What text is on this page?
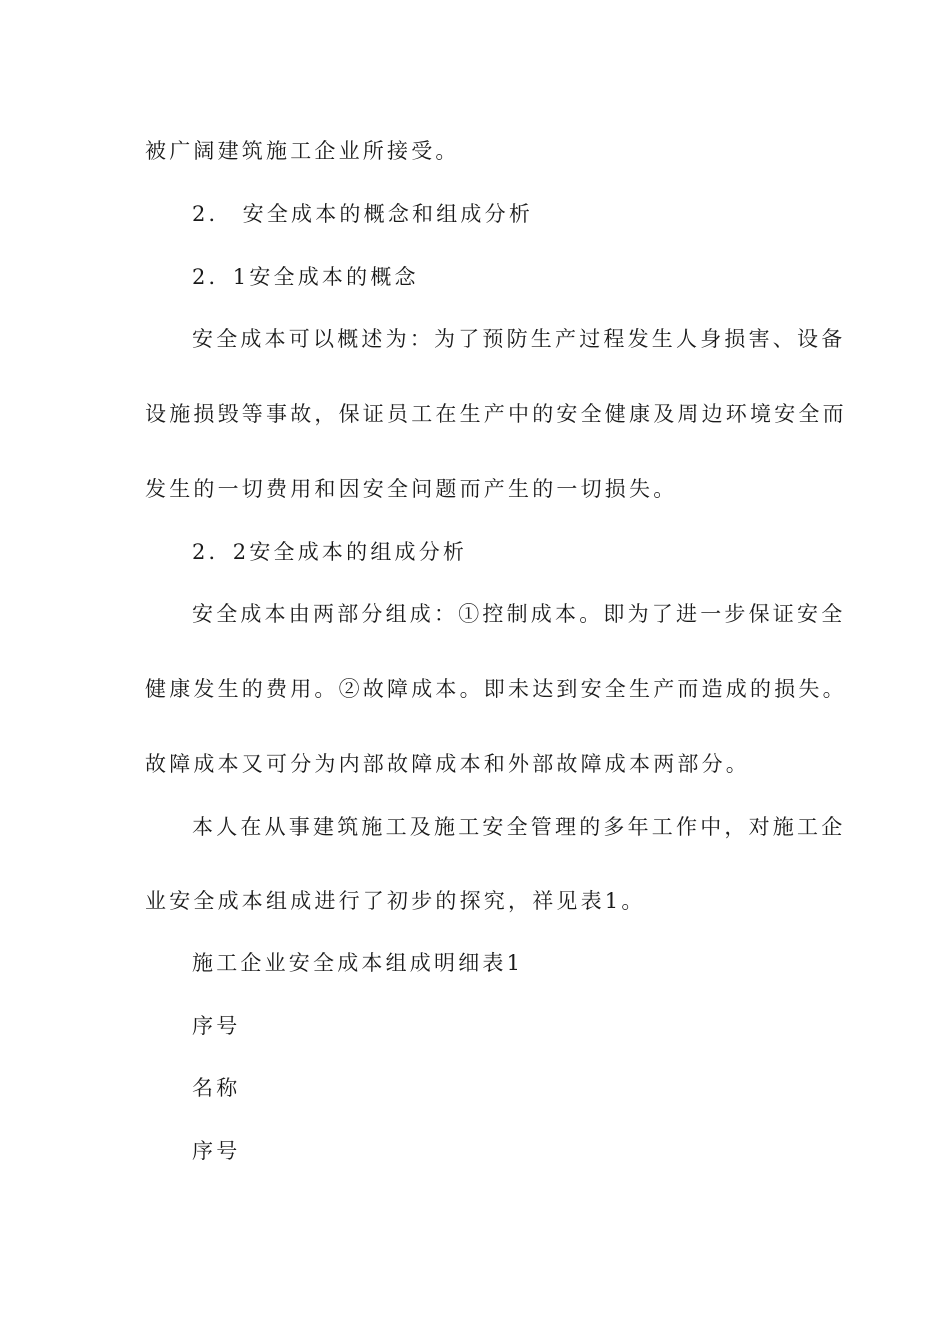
被广阔建筑施工企业所接受。
2． 安全成本的概念和组成分析
2．1安全成本的概念
安全成本可以概述为：为了预防生产过程发生人身损害、设备
设施损毁等事故，保证员工在生产中的安全健康及周边环境安全而
发生的一切费用和因安全问题而产生的一切损失。
2．2安全成本的组成分析
安全成本由两部分组成：①控制成本。即为了进一步保证安全
健康发生的费用。②故障成本。即未达到安全生产而造成的损失。
故障成本又可分为内部故障成本和外部故障成本两部分。
本人在从事建筑施工及施工安全管理的多年工作中，对施工企
业安全成本组成进行了初步的探究，祥见表1。
施工企业安全成本组成明细表1
序号
名称
序号
